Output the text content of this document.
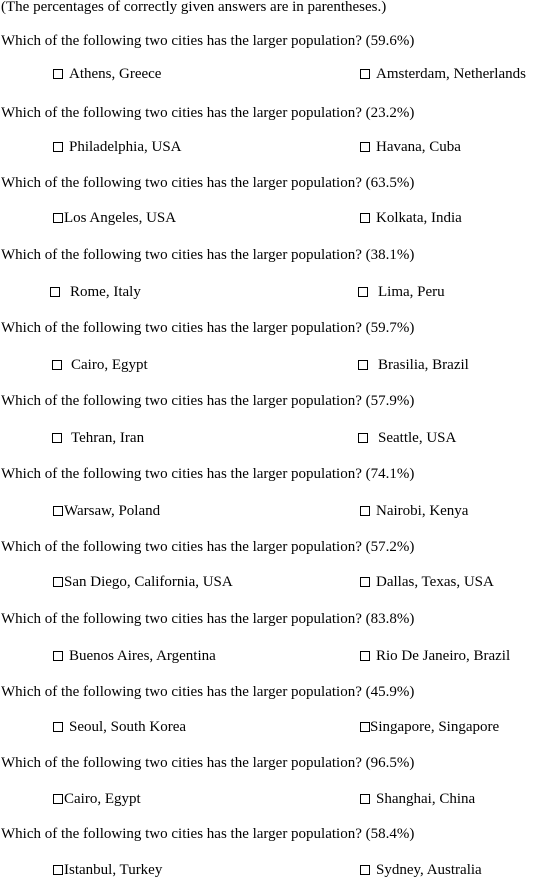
(The percentages of correctly given answers are in parentheses.)
Which of the following two cities has the larger population? (59.6%)
Athens, Greece	Amsterdam, Netherlands
Which of the following two cities has the larger population? (23.2%)
Philadelphia, USA	Havana, Cuba
Which of the following two cities has the larger population? (63.5%)
Los Angeles, USA	Kolkata, India
Which of the following two cities has the larger population? (38.1%)
Rome, Italy	Lima, Peru
Which of the following two cities has the larger population? (59.7%)
Cairo, Egypt	Brasilia, Brazil
Which of the following two cities has the larger population? (57.9%)
Tehran, Iran	Seattle, USA
Which of the following two cities has the larger population? (74.1%)
Warsaw, Poland	Nairobi, Kenya
Which of the following two cities has the larger population? (57.2%)
San Diego, California, USA	Dallas, Texas, USA
Which of the following two cities has the larger population? (83.8%)
Buenos Aires, Argentina	Rio De Janeiro, Brazil
Which of the following two cities has the larger population? (45.9%)
Seoul, South Korea	Singapore, Singapore
Which of the following two cities has the larger population? (96.5%)
Cairo, Egypt	Shanghai, China
Which of the following two cities has the larger population? (58.4%)
Istanbul, Turkey	Sydney, Australia
